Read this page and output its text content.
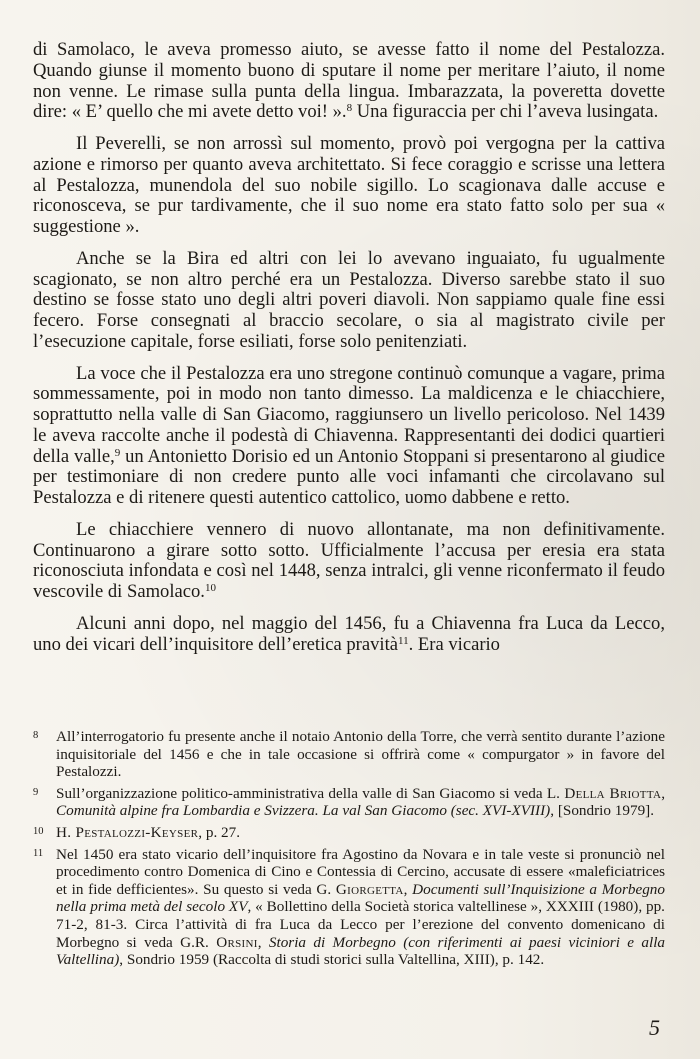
di Samolaco, le aveva promesso aiuto, se avesse fatto il nome del Pestalozza. Quando giunse il momento buono di sputare il nome per meritare l’aiuto, il nome non venne. Le rimase sulla punta della lingua. Imbarazzata, la poveretta dovette dire: « E’ quello che mi avete detto voi! ».$^8$ Una figuraccia per chi l’aveva lusingata.

Il Peverelli, se non arrossì sul momento, provò poi vergogna per la cattiva azione e rimorso per quanto aveva architettato. Si fece coraggio e scrisse una lettera al Pestalozza, munendola del suo nobile sigillo. Lo scagionava dalle accuse e riconosceva, se pur tardivamente, che il suo nome era stato fatto solo per sua « suggestione ».

Anche se la Bira ed altri con lei lo avevano inguaiato, fu ugualmente scagionato, se non altro perché era un Pestalozza. Diverso sarebbe stato il suo destino se fosse stato uno degli altri poveri diavoli. Non sappiamo quale fine essi fecero. Forse consegnati al braccio secolare, o sia al magistrato civile per l’esecuzione capitale, forse esiliati, forse solo penitenziati.

La voce che il Pestalozza era uno stregone continuò comunque a vagare, prima sommessamente, poi in modo non tanto dimesso. La maldicenza e le chiacchiere, soprattutto nella valle di San Giacomo, raggiunsero un livello pericoloso. Nel 1439 le aveva raccolte anche il podestà di Chiavenna. Rappresentanti dei dodici quartieri della valle,$^9$ un Antonietto Dorisio ed un Antonio Stoppani si presentarono al giudice per testimoniare di non credere punto alle voci infamanti che circolavano sul Pestalozza e di ritenere questi autentico cattolico, uomo dabbene e retto.

Le chiacchiere vennero di nuovo allontanate, ma non definitivamente. Continuarono a girare sotto sotto. Ufficialmente l’accusa per eresia era stata riconosciuta infondata e così nel 1448, senza intralci, gli venne riconfermato il feudo vescovile di Samolaco.$^{10}$

Alcuni anni dopo, nel maggio del 1456, fu a Chiavenna fra Luca da Lecco, uno dei vicari dell’inquisitore dell’eretica pravità$^{11}$. Era vicario

8	All’interrogatorio fu presente anche il notaio Antonio della Torre, che verrà sentito durante l’azione inquisitoriale del 1456 e che in tale occasione si offrirà come « compurgator » in favore del Pestalozzi.
9	Sull’organizzazione politico-amministrativa della valle di San Giacomo si veda L. Della Briotta, Comunità alpine fra Lombardia e Svizzera. La val San Giacomo (sec. XVI-XVIII), [Sondrio 1979].
10 H. Pestalozzi-Keyser, p. 27.
11 Nel 1450 era stato vicario dell’inquisitore fra Agostino da Novara e in tale veste si pronunciò nel procedimento contro Domenica di Cino e Contessia di Cercino, accusate di essere «maleficiatrices et in fide defficientes». Su questo si veda G. Giorgetta, Documenti sull’Inquisizione a Morbegno nella prima metà del secolo XV, « Bollettino della Società storica valtellinese », XXXIII (1980), pp. 71-2, 81-3. Circa l’attività di fra Luca da Lecco per l’erezione del convento domenicano di Morbegno si veda G.R. Orsini, Storia di Morbegno (con riferimenti ai paesi viciniori e alla Valtellina), Sondrio 1959 (Raccolta di studi storici sulla Valtellina, XIII), p. 142.
5
